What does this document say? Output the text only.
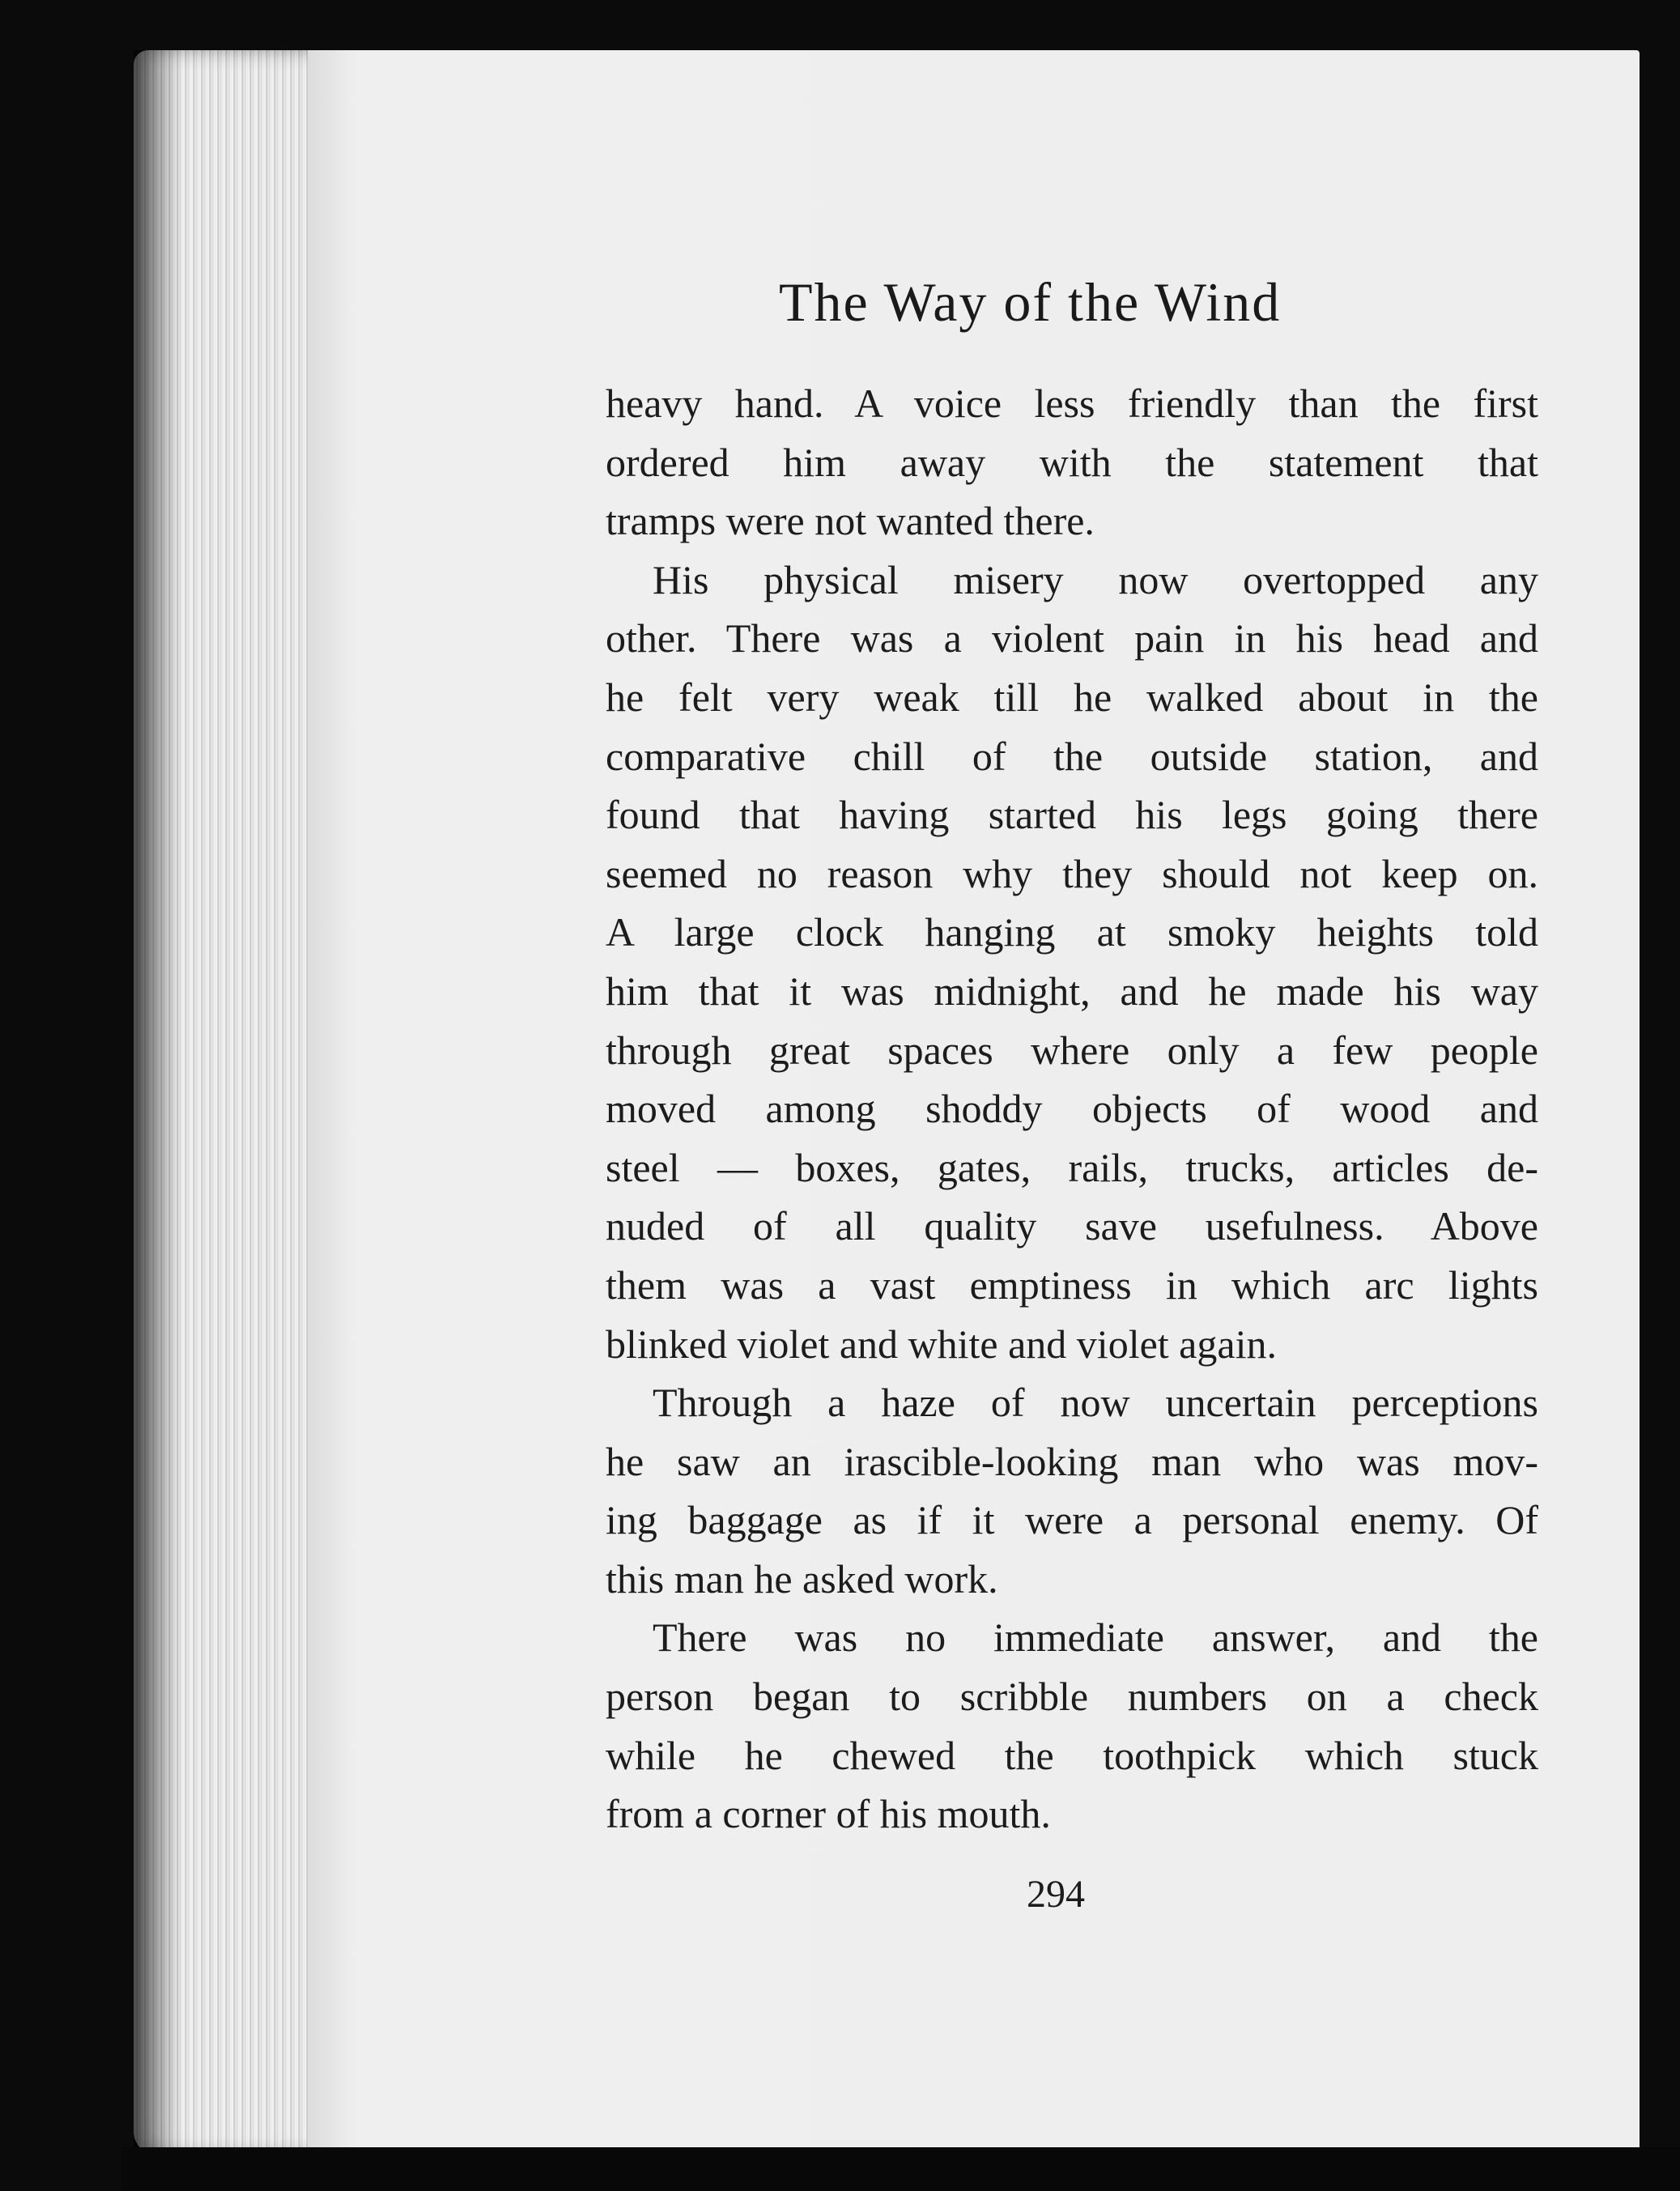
The Way of the Wind
heavy hand. A voice less friendly than the first
ordered him away with the statement that
tramps were not wanted there.
His physical misery now overtopped any
other. There was a violent pain in his head and
he felt very weak till he walked about in the
comparative chill of the outside station, and
found that having started his legs going there
seemed no reason why they should not keep on.
A large clock hanging at smoky heights told
him that it was midnight, and he made his way
through great spaces where only a few people
moved among shoddy objects of wood and
steel — boxes, gates, rails, trucks, articles de-
nuded of all quality save usefulness. Above
them was a vast emptiness in which arc lights
blinked violet and white and violet again.
Through a haze of now uncertain perceptions
he saw an irascible-looking man who was mov-
ing baggage as if it were a personal enemy. Of
this man he asked work.
There was no immediate answer, and the
person began to scribble numbers on a check
while he chewed the toothpick which stuck
from a corner of his mouth.

294
